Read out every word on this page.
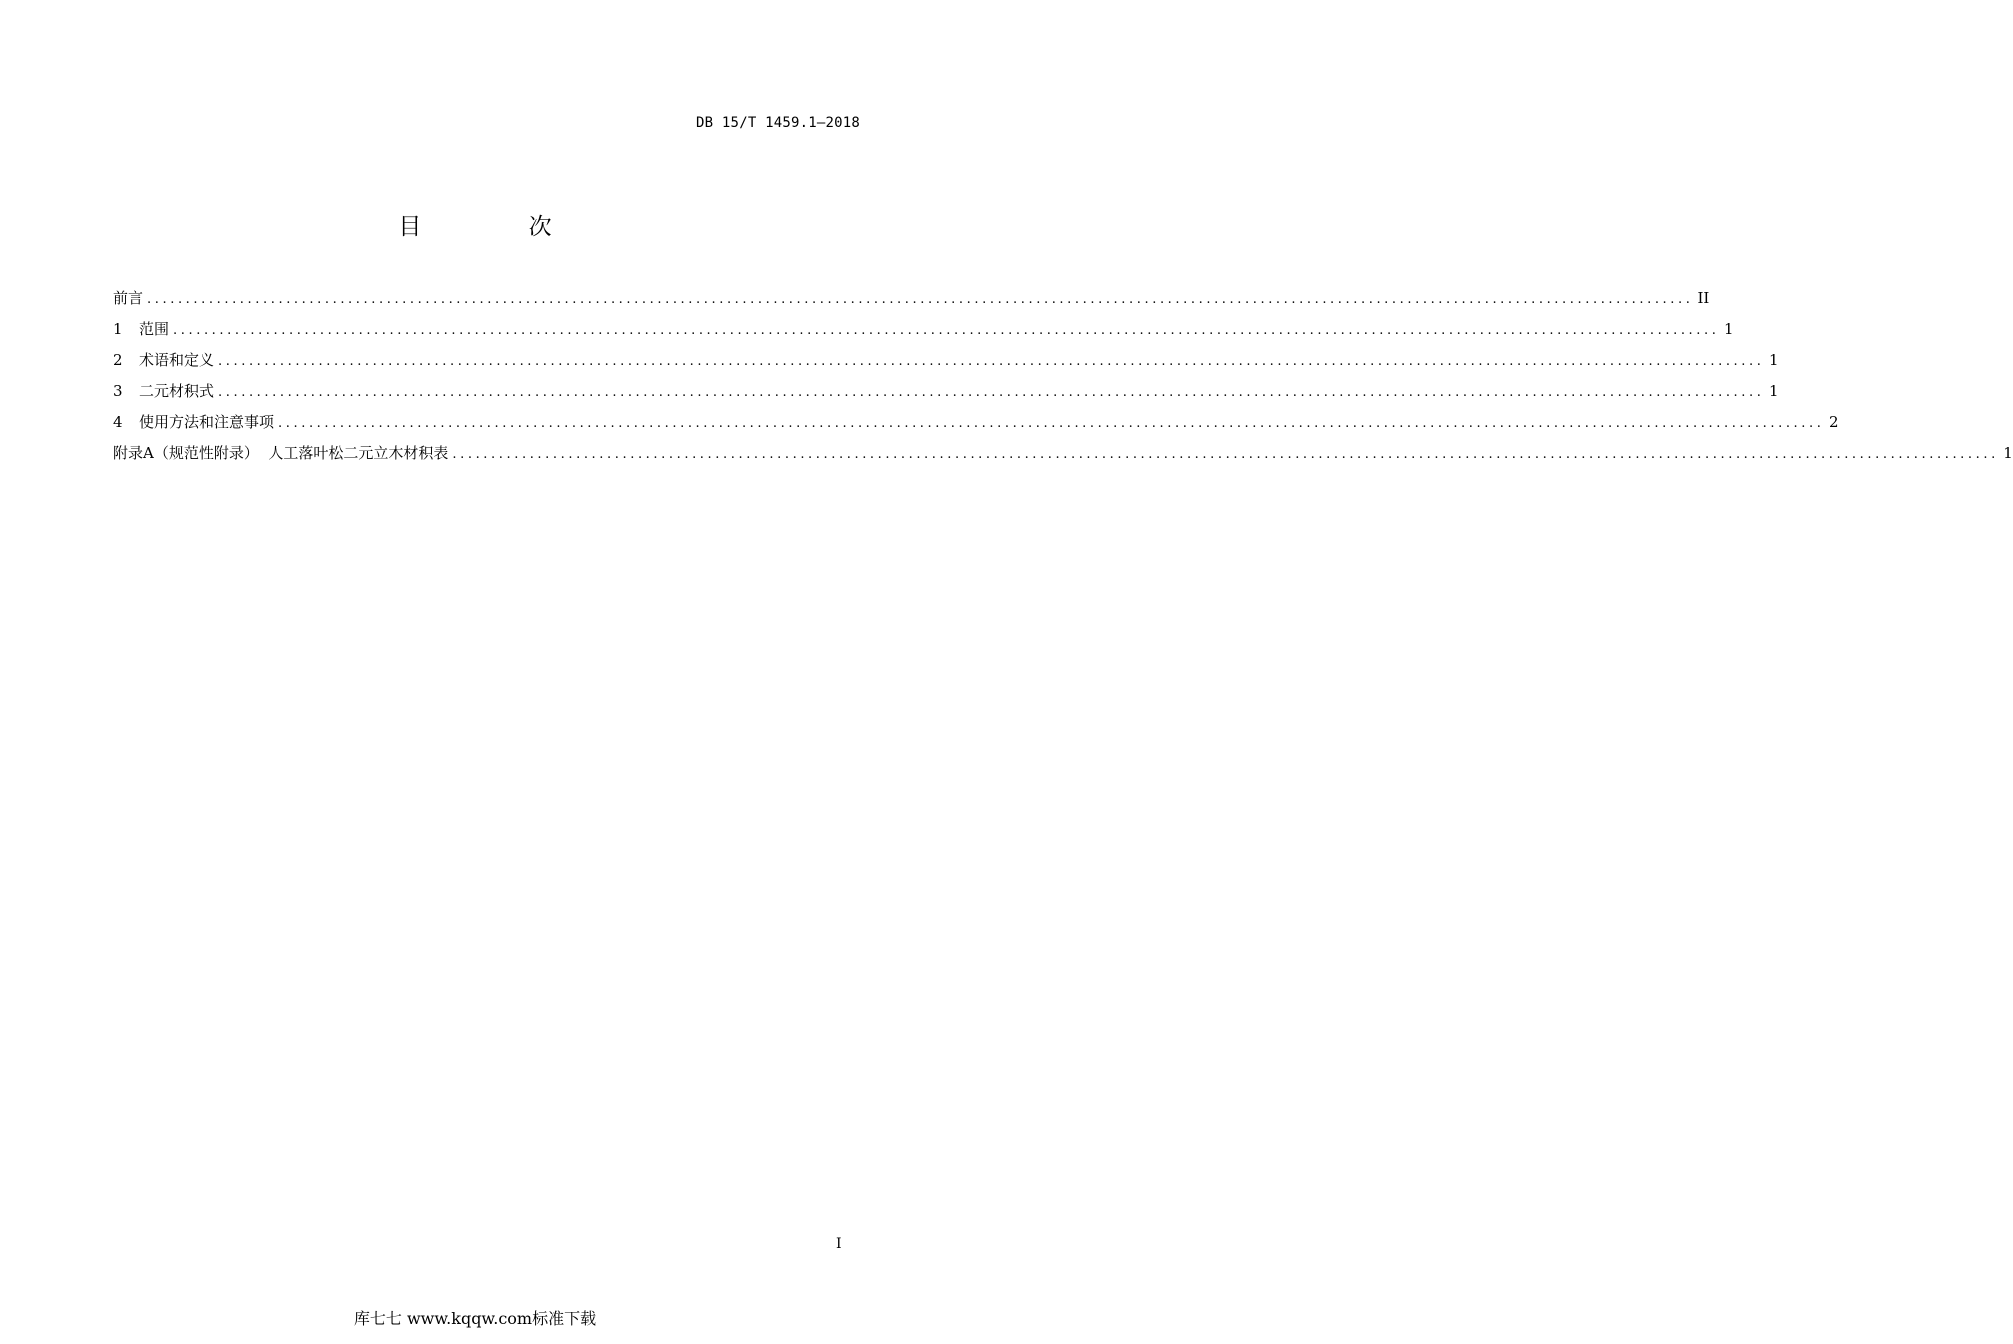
DB 15/T 1459.1—2018
目 次
前言 ........................................................................................................................................................................................................ II
1	范围 ........................................................................................................................................................................................................ 1
2	术语和定义 ........................................................................................................................................................................................................ 1
3	二元材积式 ........................................................................................................................................................................................................ 1
4	使用方法和注意事项 ........................................................................................................................................................................................................ 2
附录A（规范性附录）  人工落叶松二元立木材积表 ........................................................................................................................................................................................................ 1
I
库七七 www.kqqw.com标准下载
